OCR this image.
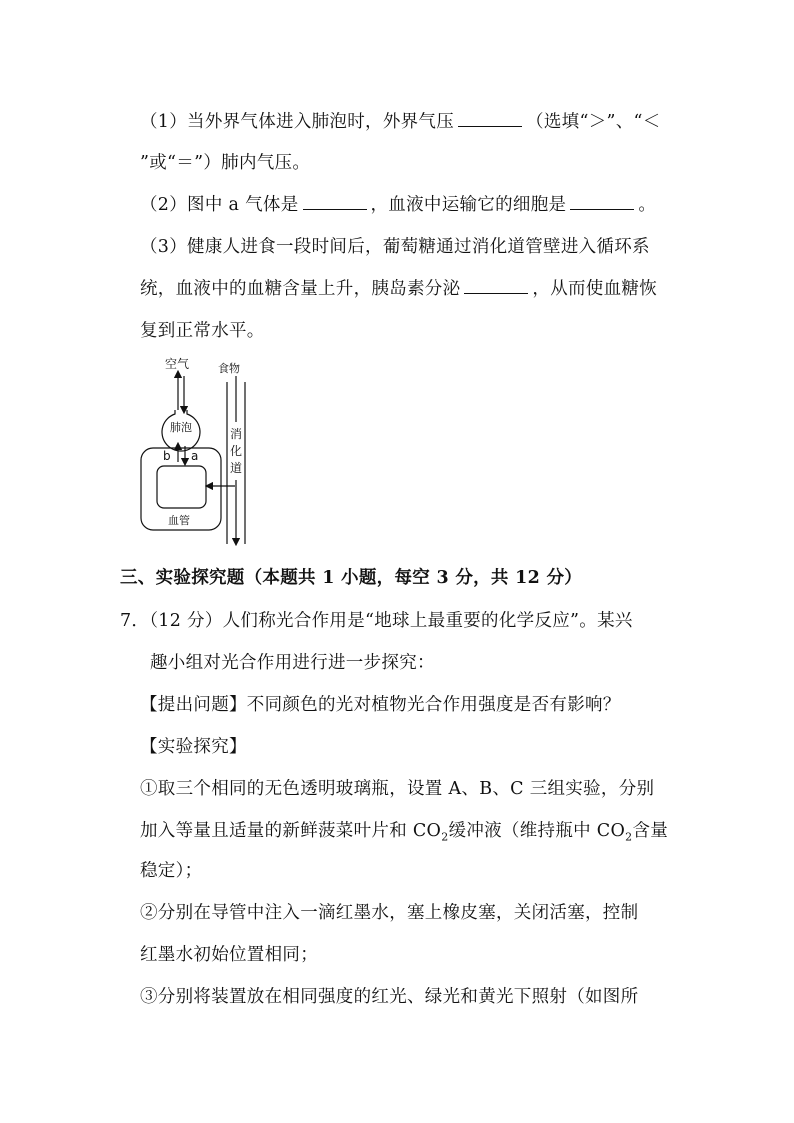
（1）当外界气体进入肺泡时，外界气压	（选填“＞”、“＜
”或“＝”）肺内气压。
（2）图中 a 气体是	，血液中运输它的细胞是	。
（3）健康人进食一段时间后，葡萄糖通过消化道管壁进入循环系
统，血液中的血糖含量上升，胰岛素分泌	，从而使血糖恢
复到正常水平。
空气	食物
肺泡
b a
血管
消
化
道
三、实验探究题（本题共 1 小题，每空 3 分，共 12 分）
7．（12 分）人们称光合作用是“地球上最重要的化学反应”。某兴
趣小组对光合作用进行进一步探究：
【提出问题】不同颜色的光对植物光合作用强度是否有影响？
【实验探究】
①取三个相同的无色透明玻璃瓶，设置 A、B、C 三组实验，分别
加入等量且适量的新鲜菠菜叶片和 $CO_2$缓冲液（维持瓶中 $CO_2$含量
稳定）；
②分别在导管中注入一滴红墨水，塞上橡皮塞，关闭活塞，控制
红墨水初始位置相同；
③分别将装置放在相同强度的红光、绿光和黄光下照射（如图所
